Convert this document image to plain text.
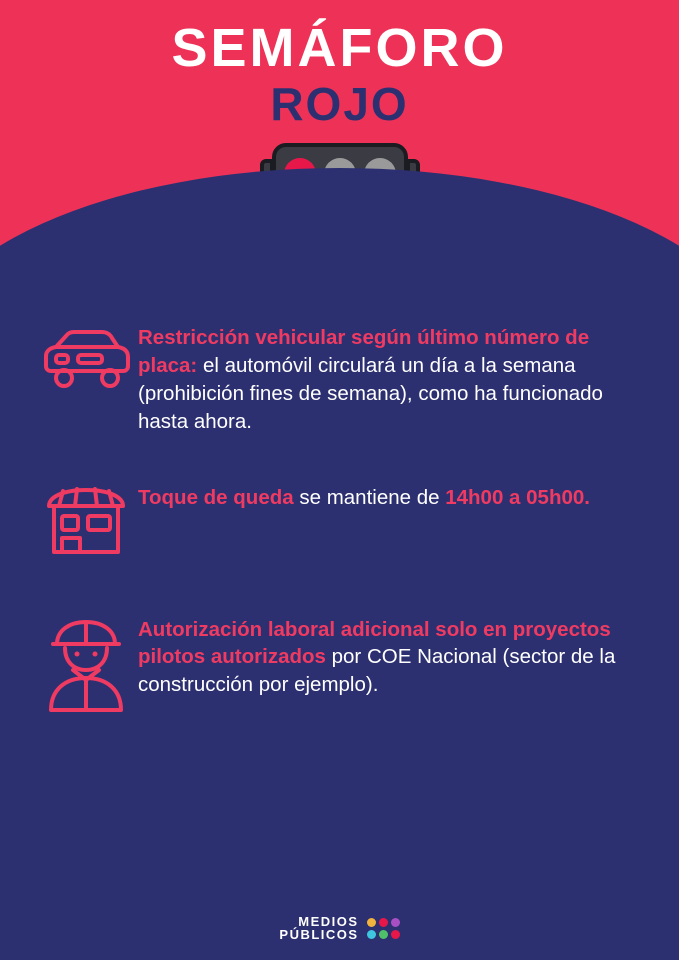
SEMÁFORO
ROJO
Restricción vehicular según último número de placa: el automóvil circulará un día a la semana (prohibición fines de semana), como ha funcionado hasta ahora.
Toque de queda se mantiene de 14h00 a 05h00.
Autorización laboral adicional solo en proyectos pilotos autorizados por COE Nacional (sector de la construcción por ejemplo).
MEDIOS
PÚBLICOS
